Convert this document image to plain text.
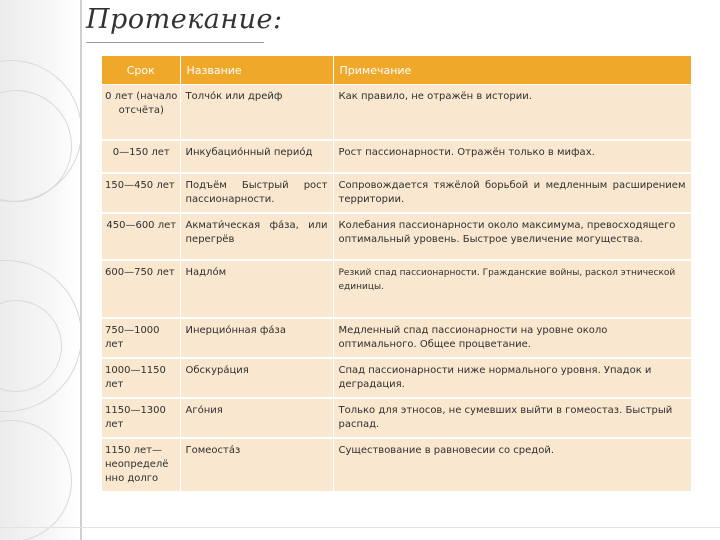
Протекание:
Срок	Название	Примечание
0 лет (начало отсчёта)	Толчо́к или дрейф	Как правило, не отражён в истории.
0—150 лет	Инкубацио́нный перио́д	Рост пассионарности. Отражён только в мифах.
150—450 лет	Подъём Быстрый рост пассионарности.	Сопровождается тяжёлой борьбой и медленным расширением территории.
450—600 лет	Акмати́ческая фа́за, или перегрёв	Колебания пассионарности около максимума, превосходящего оптимальный уровень. Быстрое увеличение могущества.
600—750 лет	Надло́м	Резкий спад пассионарности. Гражданские войны, раскол этнической единицы.
750—1000 лет	Инерцио́нная фа́за	Медленный спад пассионарности на уровне около оптимального. Общее процветание.
1000—1150 лет	Обскура́ция	Спад пассионарности ниже нормального уровня. Упадок и деградация.
1150—1300 лет	Аго́ния	Только для этносов, не сумевших выйти в гомеостаз. Быстрый распад.
1150 лет— неопределё нно долго	Гомеоста́з	Существование в равновесии со средой.
